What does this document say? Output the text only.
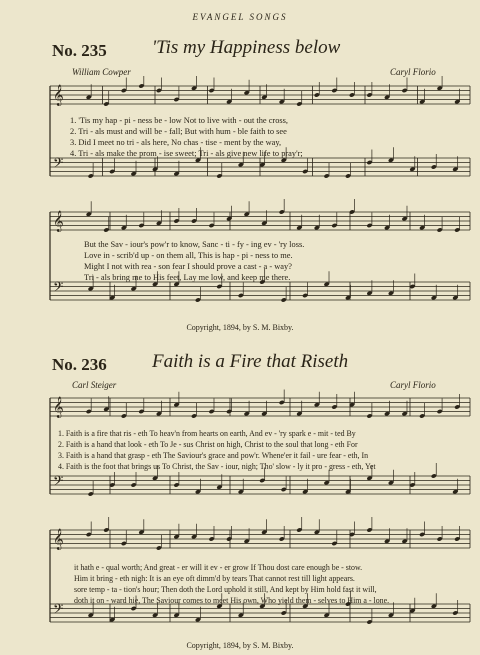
EVANGEL SONGS
No. 235 'Tis my Happiness below
William Cowper	Caryl Florio
𝄞
𝄢
1. 'Tis my hap - pi - ness be - low Not to live with - out the cross,
2. Tri - als must and will be - fall; But with hum - ble faith to see
3. Did I meet no tri - als here, No chas - tise - ment by the way,
4. Tri - als make the prom - ise sweet; Tri - als give new life to pray'r;
𝄞
𝄢
But the Sav - iour's pow'r to know, Sanc - ti - fy - ing ev - 'ry loss.
Love in - scrib'd up - on them all, This is hap - pi - ness to me.
Might I not with rea - son fear I should prove a cast - a - way?
Tri - als bring me to His feet, Lay me low, and keep me there.
Copyright, 1894, by S. M. Bixby.
No. 236 Faith is a Fire that Riseth
Carl Steiger	Caryl Florio
𝄞
𝄢
1. Faith is a fire that ris - eth To heav'n from hearts on earth, And ev - 'ry spark e - mit - ted By
2. Faith is a hand that look - eth To Je - sus Christ on high, Christ to the soul that long - eth For
3. Faith is a hand that grasp - eth The Saviour's grace and pow'r. Whene'er it fail - ure fear - eth, In
4. Faith is the foot that brings us To Christ, the Sav - iour, nigh; Tho' slow - ly it pro - gress - eth, Yet
𝄞
𝄢
it hath e - qual worth; And great - er will it ev - er grow If Thou dost care enough be - stow.
Him it bring - eth nigh: It is an eye oft dimm'd by tears That cannot rest till light appears.
sore temp - ta - tion's hour; Then doth the Lord uphold it still, And kept by Him hold fast it will,
doth it on - ward hie, The Saviour comes to meet His own, Who yield them - selves to Him a - lone.
Copyright, 1894, by S. M. Bixby.
